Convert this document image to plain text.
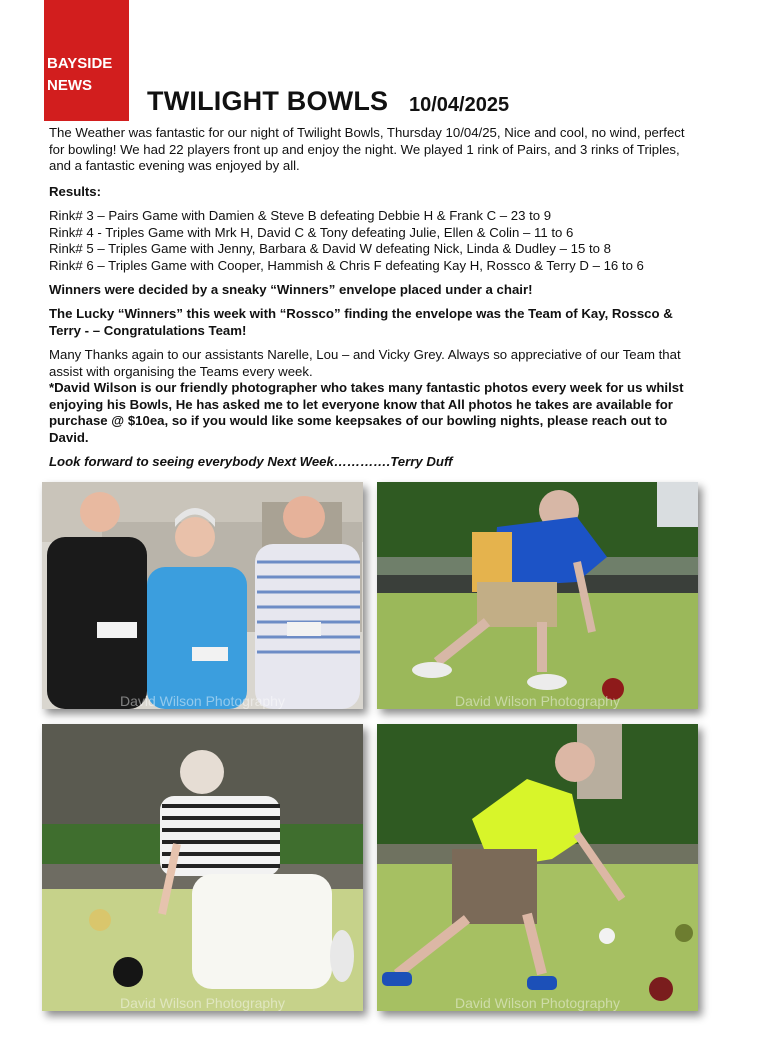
BAYSIDE
NEWS
TWILIGHT BOWLS 10/04/2025
The Weather was fantastic for our night of Twilight Bowls, Thursday 10/04/25, Nice and cool, no wind, perfect for bowling! We had 22 players front up and enjoy the night. We played 1 rink of Pairs, and 3 rinks of Triples, and a fantastic evening was enjoyed by all.
Results:
Rink# 3 – Pairs Game with Damien & Steve B defeating Debbie H & Frank C – 23 to 9
Rink# 4 - Triples Game with Mrk H, David C & Tony defeating Julie, Ellen & Colin – 11 to 6
Rink# 5 – Triples Game with Jenny, Barbara & David W defeating Nick, Linda & Dudley – 15 to 8
Rink# 6 – Triples Game with Cooper, Hammish & Chris F defeating Kay H, Rossco & Terry D – 16 to 6
Winners were decided by a sneaky “Winners” envelope placed under a chair!
The Lucky “Winners” this week with “Rossco” finding the envelope was the Team of Kay, Rossco & Terry - – Congratulations Team!
Many Thanks again to our assistants Narelle, Lou – and Vicky Grey. Always so appreciative of our Team that assist with organising the Teams every week.
*David Wilson is our friendly photographer who takes many fantastic photos every week for us whilst enjoying his Bowls, He has asked me to let everyone know that All photos he takes are available for purchase @ $10ea, so if you would like some keepsakes of our bowling nights, please reach out to David.
Look forward to seeing everybody Next Week………….Terry Duff
David Wilson Photography	David Wilson Photography
David Wilson Photography	David Wilson Photography
